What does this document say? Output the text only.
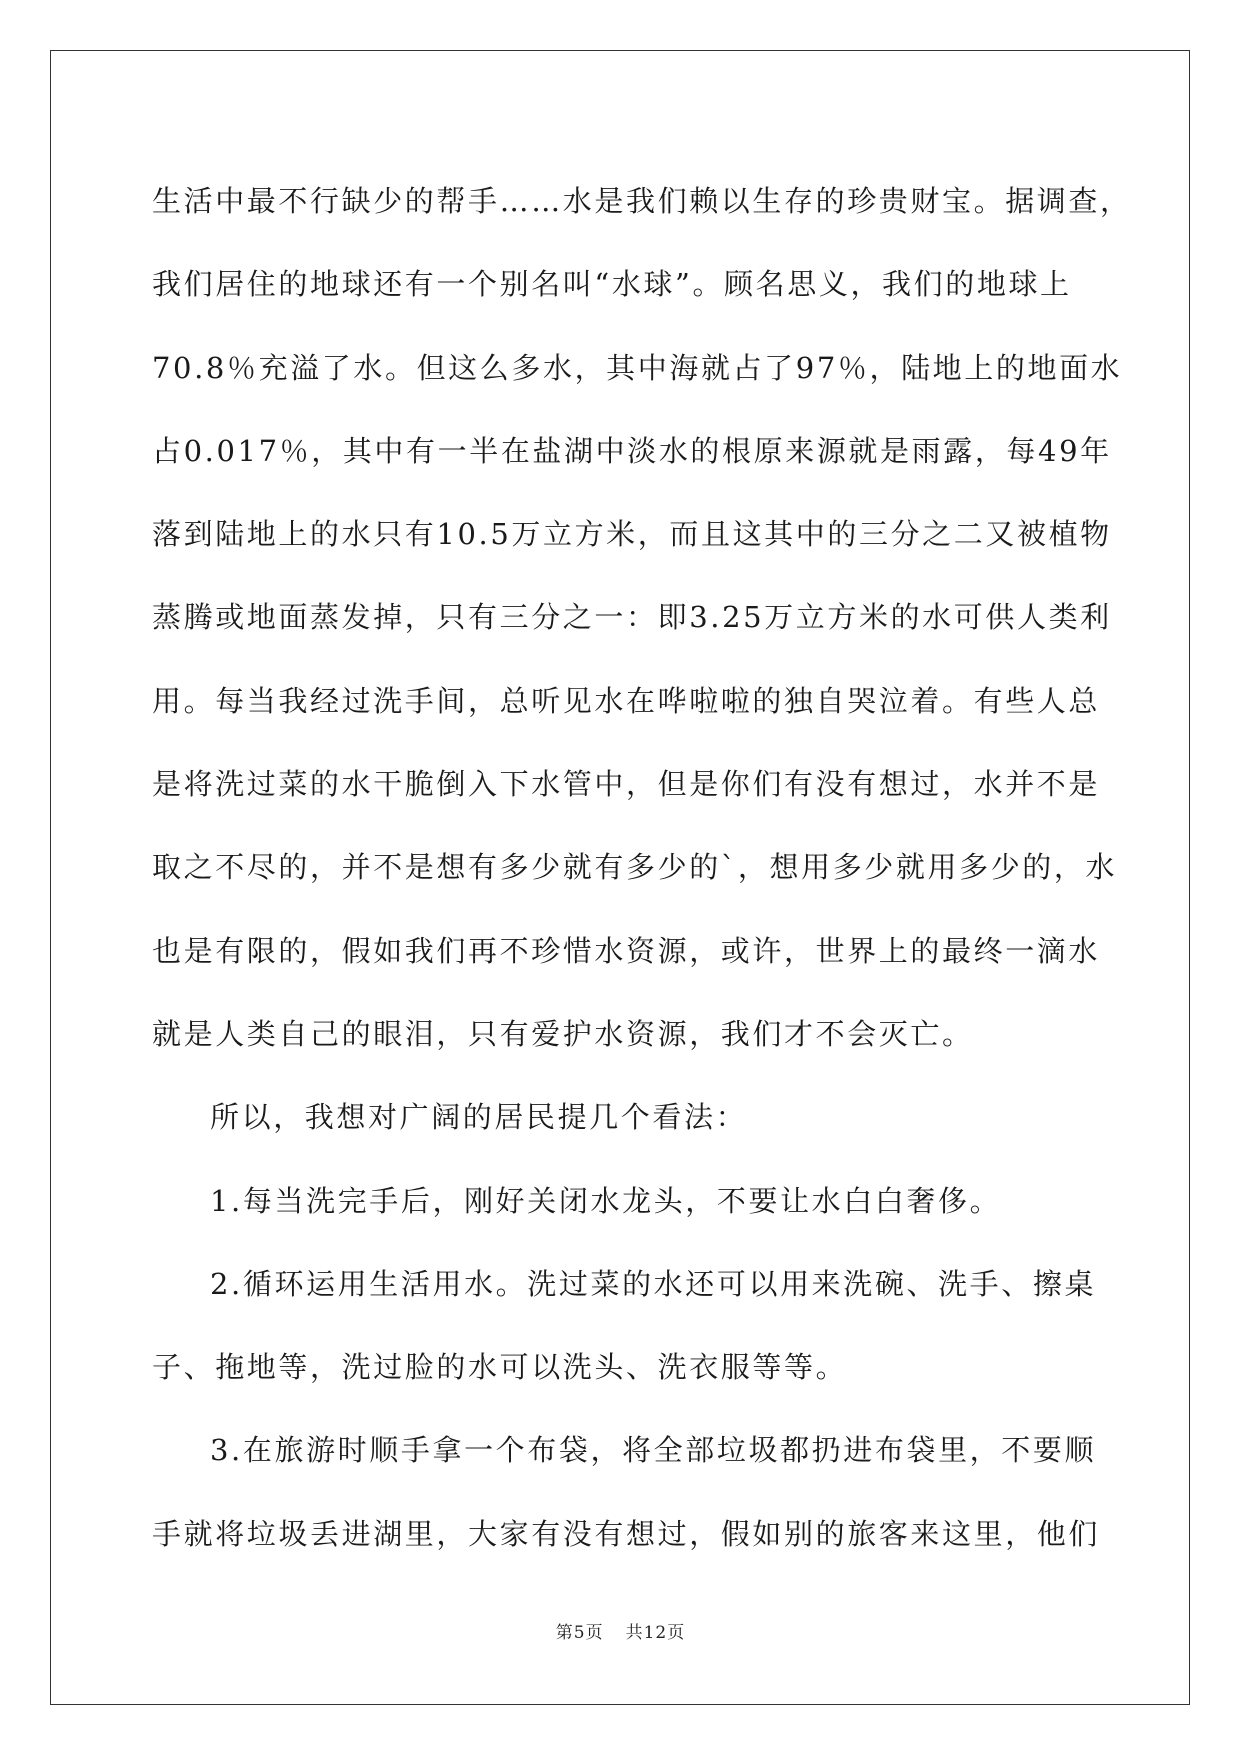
生活中最不行缺少的帮手……水是我们赖以生存的珍贵财宝。据调查，
我们居住的地球还有一个别名叫“水球”。顾名思义，我们的地球上
70.8％充溢了水。但这么多水，其中海就占了97％，陆地上的地面水
占0.017％，其中有一半在盐湖中淡水的根原来源就是雨露，每49年
落到陆地上的水只有10.5万立方米，而且这其中的三分之二又被植物
蒸腾或地面蒸发掉，只有三分之一：即3.25万立方米的水可供人类利
用。每当我经过洗手间，总听见水在哗啦啦的独自哭泣着。有些人总
是将洗过菜的水干脆倒入下水管中，但是你们有没有想过，水并不是
取之不尽的，并不是想有多少就有多少的`，想用多少就用多少的，水
也是有限的，假如我们再不珍惜水资源，或许，世界上的最终一滴水
就是人类自己的眼泪，只有爱护水资源，我们才不会灭亡。
所以，我想对广阔的居民提几个看法：
1.每当洗完手后，刚好关闭水龙头，不要让水白白奢侈。
2.循环运用生活用水。洗过菜的水还可以用来洗碗、洗手、擦桌
子、拖地等，洗过脸的水可以洗头、洗衣服等等。
3.在旅游时顺手拿一个布袋，将全部垃圾都扔进布袋里，不要顺
手就将垃圾丢进湖里，大家有没有想过，假如别的旅客来这里，他们
第5页 共12页
